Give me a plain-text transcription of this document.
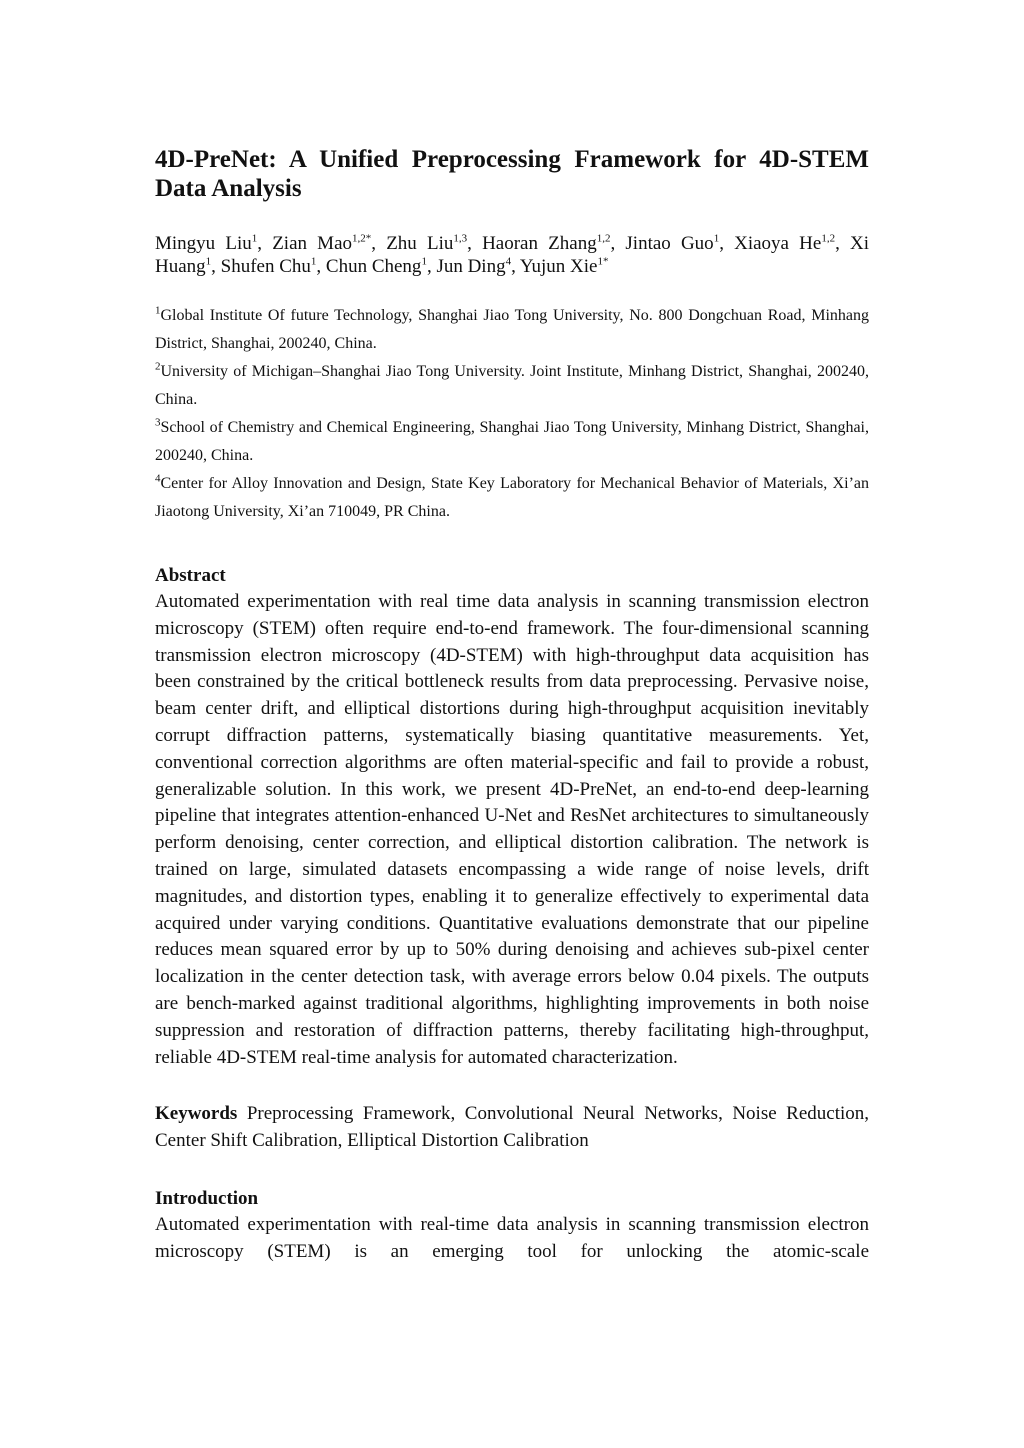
4D-PreNet: A Unified Preprocessing Framework for 4D-STEM Data Analysis
Mingyu Liu$^1$, Zian Mao$^{1,2*}$, Zhu Liu$^{1,3}$, Haoran Zhang$^{1,2}$, Jintao Guo$^1$, Xiaoya He$^{1,2}$, Xi Huang$^1$, Shufen Chu$^1$, Chun Cheng$^1$, Jun Ding$^4$, Yujun Xie$^{1*}$
$^1$Global Institute Of future Technology, Shanghai Jiao Tong University, No. 800 Dongchuan Road, Minhang District, Shanghai, 200240, China.
$^2$University of Michigan–Shanghai Jiao Tong University. Joint Institute, Minhang District, Shanghai, 200240, China.
$^3$School of Chemistry and Chemical Engineering, Shanghai Jiao Tong University, Minhang District, Shanghai, 200240, China.
$^4$Center for Alloy Innovation and Design, State Key Laboratory for Mechanical Behavior of Materials, Xi’an Jiaotong University, Xi’an 710049, PR China.
Abstract

Automated experimentation with real time data analysis in scanning transmission electron microscopy (STEM) often require end-to-end framework. The four-dimensional scanning transmission electron microscopy (4D-STEM) with high-throughput data acquisition has been constrained by the critical bottleneck results from data preprocessing. Pervasive noise, beam center drift, and elliptical distortions during high-throughput acquisition inevitably corrupt diffraction patterns, systematically biasing quantitative measurements. Yet, conventional correction algorithms are often material-specific and fail to provide a robust, generalizable solution. In this work, we present 4D-PreNet, an end-to-end deep-learning pipeline that integrates attention-enhanced U-Net and ResNet architectures to simultaneously perform denoising, center correction, and elliptical distortion calibration. The network is trained on large, simulated datasets encompassing a wide range of noise levels, drift magnitudes, and distortion types, enabling it to generalize effectively to experimental data acquired under varying conditions. Quantitative evaluations demonstrate that our pipeline reduces mean squared error by up to 50% during denoising and achieves sub-pixel center localization in the center detection task, with average errors below 0.04 pixels. The outputs are bench-marked against traditional algorithms, highlighting improvements in both noise suppression and restoration of diffraction patterns, thereby facilitating high-throughput, reliable 4D-STEM real-time analysis for automated characterization.

Keywords Preprocessing Framework, Convolutional Neural Networks, Noise Reduction, Center Shift Calibration, Elliptical Distortion Calibration
Introduction

Automated experimentation with real-time data analysis in scanning transmission electron microscopy (STEM) is an emerging tool for unlocking the atomic-scale
